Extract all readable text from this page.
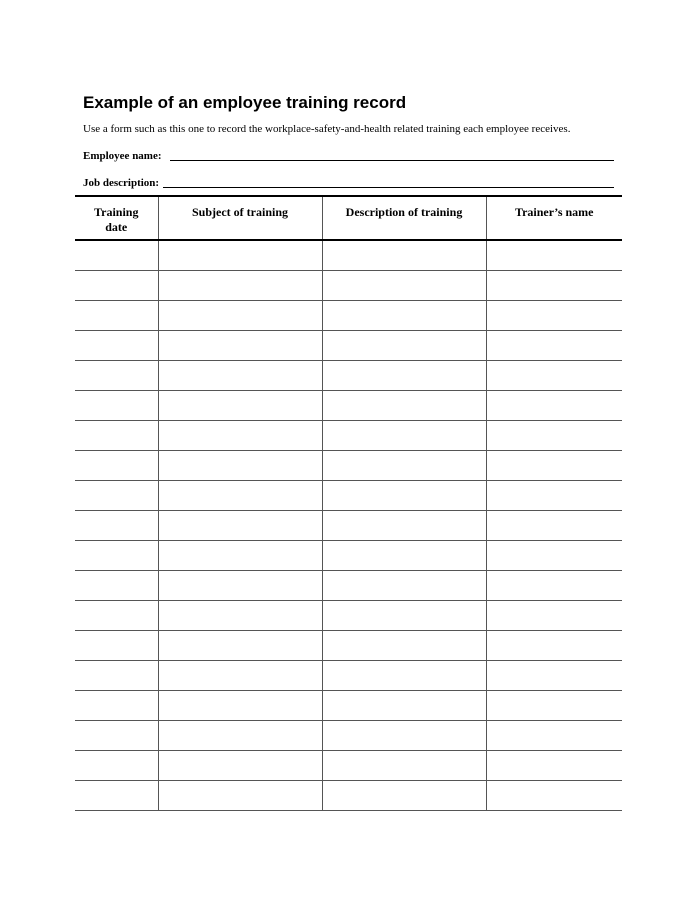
Example of an employee training record
Use a form such as this one to record the workplace-safety-and-health related training each employee receives.
Employee name:
Job description:
Training
date	Subject of training	Description of training	Trainer’s name
